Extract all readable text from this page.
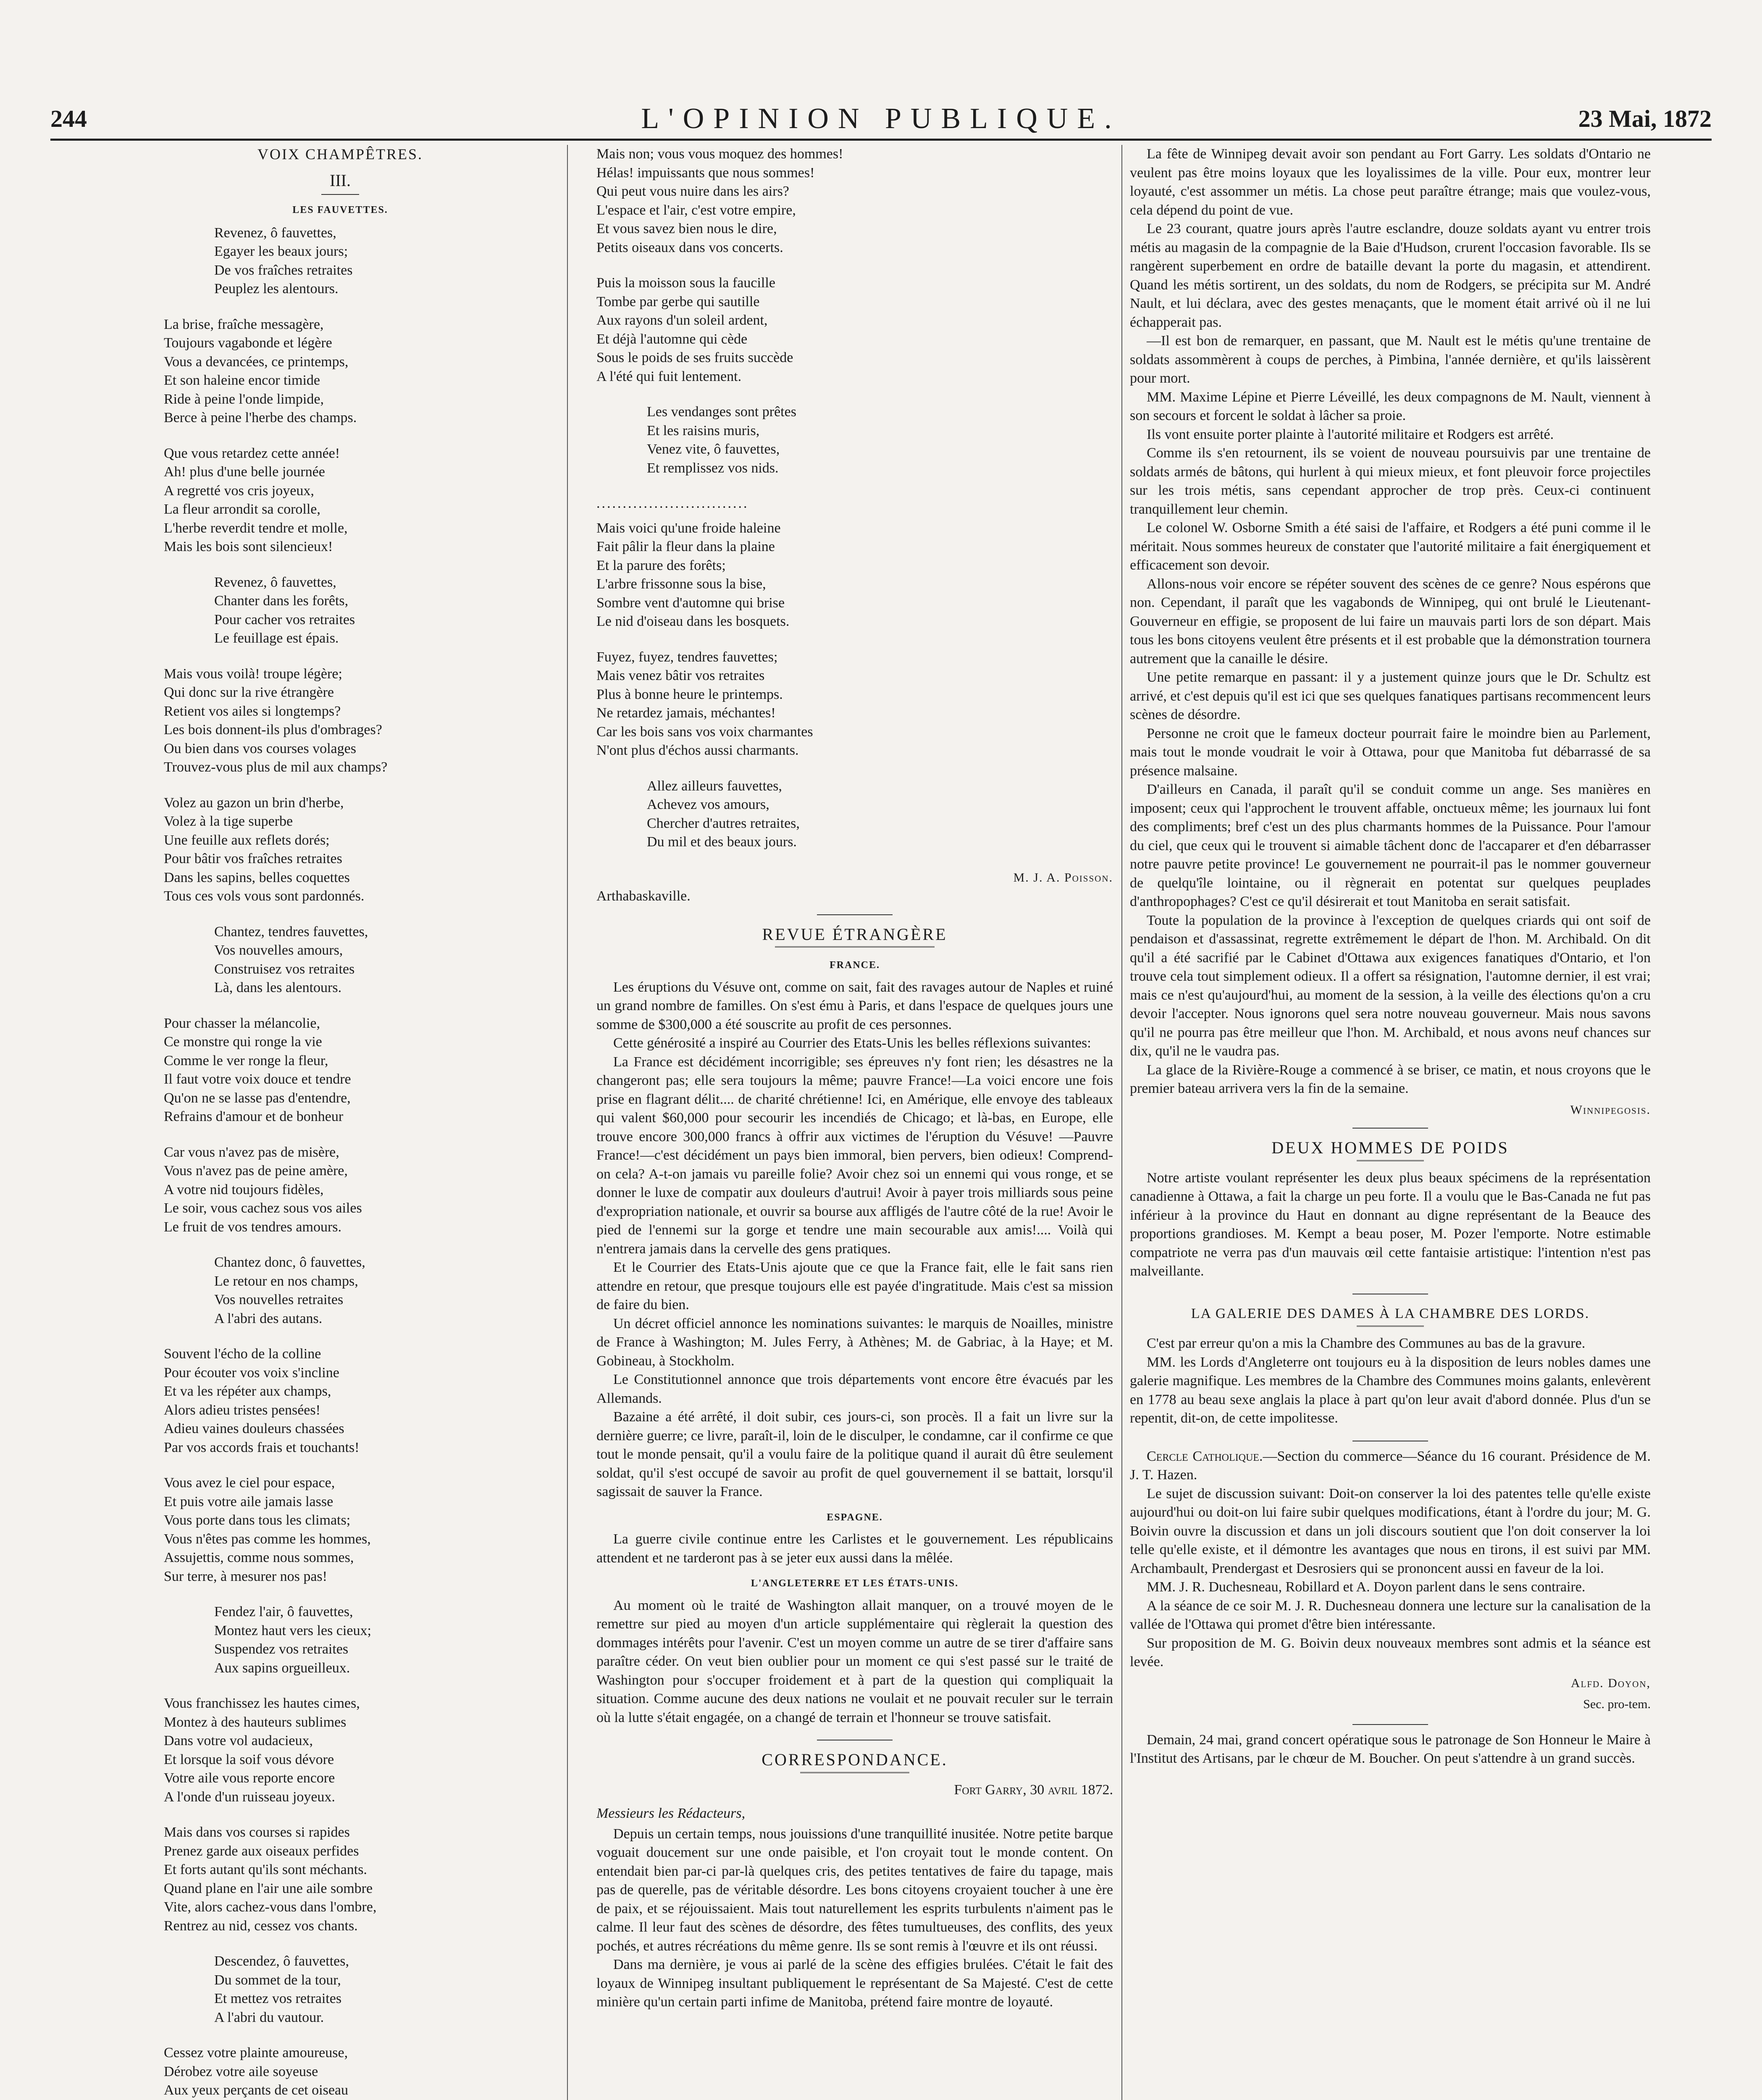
244	L'OPINION PUBLIQUE.	23 Mai, 1872
VOIX CHAMPÊTRES.
III.
LES FAUVETTES.
Revenez, ô fauvettes,
Egayer les beaux jours;
De vos fraîches retraites
Peuplez les alentours.
La brise, fraîche messagère,
Toujours vagabonde et légère
Vous a devancées, ce printemps,
Et son haleine encor timide
Ride à peine l'onde limpide,
Berce à peine l'herbe des champs.
Que vous retardez cette année!
Ah! plus d'une belle journée
A regretté vos cris joyeux,
La fleur arrondit sa corolle,
L'herbe reverdit tendre et molle,
Mais les bois sont silencieux!
Revenez, ô fauvettes,
Chanter dans les forêts,
Pour cacher vos retraites
Le feuillage est épais.
Mais vous voilà! troupe légère;
Qui donc sur la rive étrangère
Retient vos ailes si longtemps?
Les bois donnent-ils plus d'ombrages?
Ou bien dans vos courses volages
Trouvez-vous plus de mil aux champs?
Volez au gazon un brin d'herbe,
Volez à la tige superbe
Une feuille aux reflets dorés;
Pour bâtir vos fraîches retraites
Dans les sapins, belles coquettes
Tous ces vols vous sont pardonnés.
Chantez, tendres fauvettes,
Vos nouvelles amours,
Construisez vos retraites
Là, dans les alentours.
Pour chasser la mélancolie,
Ce monstre qui ronge la vie
Comme le ver ronge la fleur,
Il faut votre voix douce et tendre
Qu'on ne se lasse pas d'entendre,
Refrains d'amour et de bonheur
Car vous n'avez pas de misère,
Vous n'avez pas de peine amère,
A votre nid toujours fidèles,
Le soir, vous cachez sous vos ailes
Le fruit de vos tendres amours.
Chantez donc, ô fauvettes,
Le retour en nos champs,
Vos nouvelles retraites
A l'abri des autans.
Souvent l'écho de la colline
Pour écouter vos voix s'incline
Et va les répéter aux champs,
Alors adieu tristes pensées!
Adieu vaines douleurs chassées
Par vos accords frais et touchants!
Vous avez le ciel pour espace,
Et puis votre aile jamais lasse
Vous porte dans tous les climats;
Vous n'êtes pas comme les hommes,
Assujettis, comme nous sommes,
Sur terre, à mesurer nos pas!
Fendez l'air, ô fauvettes,
Montez haut vers les cieux;
Suspendez vos retraites
Aux sapins orgueilleux.
Vous franchissez les hautes cimes,
Montez à des hauteurs sublimes
Dans votre vol audacieux,
Et lorsque la soif vous dévore
Votre aile vous reporte encore
A l'onde d'un ruisseau joyeux.
Mais dans vos courses si rapides
Prenez garde aux oiseaux perfides
Et forts autant qu'ils sont méchants.
Quand plane en l'air une aile sombre
Vite, alors cachez-vous dans l'ombre,
Rentrez au nid, cessez vos chants.
Descendez, ô fauvettes,
Du sommet de la tour,
Et mettez vos retraites
A l'abri du vautour.
Cessez votre plainte amoureuse,
Dérobez votre aile soyeuse
Aux yeux perçants de cet oiseau
Mais non; vous vous moquez des hommes!
Hélas! impuissants que nous sommes!
Qui peut vous nuire dans les airs?
L'espace et l'air, c'est votre empire,
Et vous savez bien nous le dire,
Petits oiseaux dans vos concerts.
Puis la moisson sous la faucille
Tombe par gerbe qui sautille
Aux rayons d'un soleil ardent,
Et déjà l'automne qui cède
Sous le poids de ses fruits succède
A l'été qui fuit lentement.
Les vendanges sont prêtes
Et les raisins muris,
Venez vite, ô fauvettes,
Et remplissez vos nids.
.............................
Mais voici qu'une froide haleine
Fait pâlir la fleur dans la plaine
Et la parure des forêts;
L'arbre frissonne sous la bise,
Sombre vent d'automne qui brise
Le nid d'oiseau dans les bosquets.
Fuyez, fuyez, tendres fauvettes;
Mais venez bâtir vos retraites
Plus à bonne heure le printemps.
Ne retardez jamais, méchantes!
Car les bois sans vos voix charmantes
N'ont plus d'échos aussi charmants.
Allez ailleurs fauvettes,
Achevez vos amours,
Chercher d'autres retraites,
Du mil et des beaux jours.
M. J. A. Poisson.
Arthabaskaville.
REVUE ÉTRANGÈRE
FRANCE.

Les éruptions du Vésuve ont, comme on sait, fait des ravages autour de Naples et ruiné un grand nombre de familles. On s'est ému à Paris, et dans l'espace de quelques jours une somme de $300,000 a été souscrite au profit de ces personnes.

Cette générosité a inspiré au Courrier des Etats-Unis les belles réflexions suivantes:

La France est décidément incorrigible; ses épreuves n'y font rien; les désastres ne la changeront pas; elle sera toujours la même; pauvre France!—La voici encore une fois prise en flagrant délit.... de charité chrétienne! Ici, en Amérique, elle envoye des tableaux qui valent $60,000 pour secourir les incendiés de Chicago; et là-bas, en Europe, elle trouve encore 300,000 francs à offrir aux victimes de l'éruption du Vésuve! —Pauvre France!—c'est décidément un pays bien immoral, bien pervers, bien odieux! Comprend-on cela? A-t-on jamais vu pareille folie? Avoir chez soi un ennemi qui vous ronge, et se donner le luxe de compatir aux douleurs d'autrui! Avoir à payer trois milliards sous peine d'expropriation nationale, et ouvrir sa bourse aux affligés de l'autre côté de la rue! Avoir le pied de l'ennemi sur la gorge et tendre une main secourable aux amis!.... Voilà qui n'entrera jamais dans la cervelle des gens pratiques.

Et le Courrier des Etats-Unis ajoute que ce que la France fait, elle le fait sans rien attendre en retour, que presque toujours elle est payée d'ingratitude. Mais c'est sa mission de faire du bien.

Un décret officiel annonce les nominations suivantes: le marquis de Noailles, ministre de France à Washington; M. Jules Ferry, à Athènes; M. de Gabriac, à la Haye; et M. Gobineau, à Stockholm.

Le Constitutionnel annonce que trois départements vont encore être évacués par les Allemands.

Bazaine a été arrêté, il doit subir, ces jours-ci, son procès. Il a fait un livre sur la dernière guerre; ce livre, paraît-il, loin de le disculper, le condamne, car il confirme ce que tout le monde pensait, qu'il a voulu faire de la politique quand il aurait dû être seulement soldat, qu'il s'est occupé de savoir au profit de quel gouvernement il se battait, lorsqu'il sagissait de sauver la France.

ESPAGNE.

La guerre civile continue entre les Carlistes et le gouvernement. Les républicains attendent et ne tarderont pas à se jeter eux aussi dans la mêlée.

L'ANGLETERRE ET LES ÉTATS-UNIS.

Au moment où le traité de Washington allait manquer, on a trouvé moyen de le remettre sur pied au moyen d'un article supplémentaire qui règlerait la question des dommages intérêts pour l'avenir. C'est un moyen comme un autre de se tirer d'affaire sans paraître céder. On veut bien oublier pour un moment ce qui s'est passé sur le traité de Washington pour s'occuper froidement et à part de la question qui compliquait la situation. Comme aucune des deux nations ne voulait et ne pouvait reculer sur le terrain où la lutte s'était engagée, on a changé de terrain et l'honneur se trouve satisfait.

CORRESPONDANCE.
Fort Garry, 30 avril 1872.
Messieurs les Rédacteurs,

Depuis un certain temps, nous jouissions d'une tranquillité inusitée. Notre petite barque voguait doucement sur une onde paisible, et l'on croyait tout le monde content. On entendait bien par-ci par-là quelques cris, des petites tentatives de faire du tapage, mais pas de querelle, pas de véritable désordre. Les bons citoyens croyaient toucher à une ère de paix, et se réjouissaient. Mais tout naturellement les esprits turbulents n'aiment pas le calme. Il leur faut des scènes de désordre, des fêtes tumultueuses, des conflits, des yeux pochés, et autres récréations du même genre. Ils se sont remis à l'œuvre et ils ont réussi.

Dans ma dernière, je vous ai parlé de la scène des effigies brulées. C'était le fait des loyaux de Winnipeg insultant publiquement le représentant de Sa Majesté. C'est de cette minière qu'un certain parti infime de Manitoba, prétend faire montre de loyauté.

La fête de Winnipeg devait avoir son pendant au Fort Garry. Les soldats d'Ontario ne veulent pas être moins loyaux que les loyalissimes de la ville. Pour eux, montrer leur loyauté, c'est assommer un métis. La chose peut paraître étrange; mais que voulez-vous, cela dépend du point de vue.

Le 23 courant, quatre jours après l'autre esclandre, douze soldats ayant vu entrer trois métis au magasin de la compagnie de la Baie d'Hudson, crurent l'occasion favorable. Ils se rangèrent superbement en ordre de bataille devant la porte du magasin, et attendirent. Quand les métis sortirent, un des soldats, du nom de Rodgers, se précipita sur M. André Nault, et lui déclara, avec des gestes menaçants, que le moment était arrivé où il ne lui échapperait pas.

—Il est bon de remarquer, en passant, que M. Nault est le métis qu'une trentaine de soldats assommèrent à coups de perches, à Pimbina, l'année dernière, et qu'ils laissèrent pour mort.

MM. Maxime Lépine et Pierre Léveillé, les deux compagnons de M. Nault, viennent à son secours et forcent le soldat à lâcher sa proie.

Ils vont ensuite porter plainte à l'autorité militaire et Rodgers est arrêté.

Comme ils s'en retournent, ils se voient de nouveau poursuivis par une trentaine de soldats armés de bâtons, qui hurlent à qui mieux mieux, et font pleuvoir force projectiles sur les trois métis, sans cependant approcher de trop près. Ceux-ci continuent tranquillement leur chemin.

Le colonel W. Osborne Smith a été saisi de l'affaire, et Rodgers a été puni comme il le méritait. Nous sommes heureux de constater que l'autorité militaire a fait énergiquement et efficacement son devoir.

Allons-nous voir encore se répéter souvent des scènes de ce genre? Nous espérons que non. Cependant, il paraît que les vagabonds de Winnipeg, qui ont brulé le Lieutenant-Gouverneur en effigie, se proposent de lui faire un mauvais parti lors de son départ. Mais tous les bons citoyens veulent être présents et il est probable que la démonstration tournera autrement que la canaille le désire.

Une petite remarque en passant: il y a justement quinze jours que le Dr. Schultz est arrivé, et c'est depuis qu'il est ici que ses quelques fanatiques partisans recommencent leurs scènes de désordre.

Personne ne croit que le fameux docteur pourrait faire le moindre bien au Parlement, mais tout le monde voudrait le voir à Ottawa, pour que Manitoba fut débarrassé de sa présence malsaine.

D'ailleurs en Canada, il paraît qu'il se conduit comme un ange. Ses manières en imposent; ceux qui l'approchent le trouvent affable, onctueux même; les journaux lui font des compliments; bref c'est un des plus charmants hommes de la Puissance. Pour l'amour du ciel, que ceux qui le trouvent si aimable tâchent donc de l'accaparer et d'en débarrasser notre pauvre petite province! Le gouvernement ne pourrait-il pas le nommer gouverneur de quelqu'île lointaine, ou il règnerait en potentat sur quelques peuplades d'anthropophages? C'est ce qu'il désirerait et tout Manitoba en serait satisfait.

Toute la population de la province à l'exception de quelques criards qui ont soif de pendaison et d'assassinat, regrette extrêmement le départ de l'hon. M. Archibald. On dit qu'il a été sacrifié par le Cabinet d'Ottawa aux exigences fanatiques d'Ontario, et l'on trouve cela tout simplement odieux. Il a offert sa résignation, l'automne dernier, il est vrai; mais ce n'est qu'aujourd'hui, au moment de la session, à la veille des élections qu'on a cru devoir l'accepter. Nous ignorons quel sera notre nouveau gouverneur. Mais nous savons qu'il ne pourra pas être meilleur que l'hon. M. Archibald, et nous avons neuf chances sur dix, qu'il ne le vaudra pas.

La glace de la Rivière-Rouge a commencé à se briser, ce matin, et nous croyons que le premier bateau arrivera vers la fin de la semaine.

Winnipegosis.
DEUX HOMMES DE POIDS

Notre artiste voulant représenter les deux plus beaux spécimens de la représentation canadienne à Ottawa, a fait la charge un peu forte. Il a voulu que le Bas-Canada ne fut pas inférieur à la province du Haut en donnant au digne représentant de la Beauce des proportions grandioses. M. Kempt a beau poser, M. Pozer l'emporte. Notre estimable compatriote ne verra pas d'un mauvais œil cette fantaisie artistique: l'intention n'est pas malveillante.

LA GALERIE DES DAMES À LA CHAMBRE DES LORDS.

C'est par erreur qu'on a mis la Chambre des Communes au bas de la gravure.

MM. les Lords d'Angleterre ont toujours eu à la disposition de leurs nobles dames une galerie magnifique. Les membres de la Chambre des Communes moins galants, enlevèrent en 1778 au beau sexe anglais la place à part qu'on leur avait d'abord donnée. Plus d'un se repentit, dit-on, de cette impolitesse.

Cercle Catholique.—Section du commerce—Séance du 16 courant. Présidence de M. J. T. Hazen.

Le sujet de discussion suivant: Doit-on conserver la loi des patentes telle qu'elle existe aujourd'hui ou doit-on lui faire subir quelques modifications, étant à l'ordre du jour; M. G. Boivin ouvre la discussion et dans un joli discours soutient que l'on doit conserver la loi telle qu'elle existe, et il démontre les avantages que nous en tirons, il est suivi par MM. Archambault, Prendergast et Desrosiers qui se prononcent aussi en faveur de la loi.

MM. J. R. Duchesneau, Robillard et A. Doyon parlent dans le sens contraire.

A la séance de ce soir M. J. R. Duchesneau donnera une lecture sur la canalisation de la vallée de l'Ottawa qui promet d'être bien intéressante.

Sur proposition de M. G. Boivin deux nouveaux membres sont admis et la séance est levée.

Alfd. Doyon,
Sec. pro-tem.

Demain, 24 mai, grand concert opératique sous le patronage de Son Honneur le Maire à l'Institut des Artisans, par le chœur de M. Boucher. On peut s'attendre à un grand succès.
